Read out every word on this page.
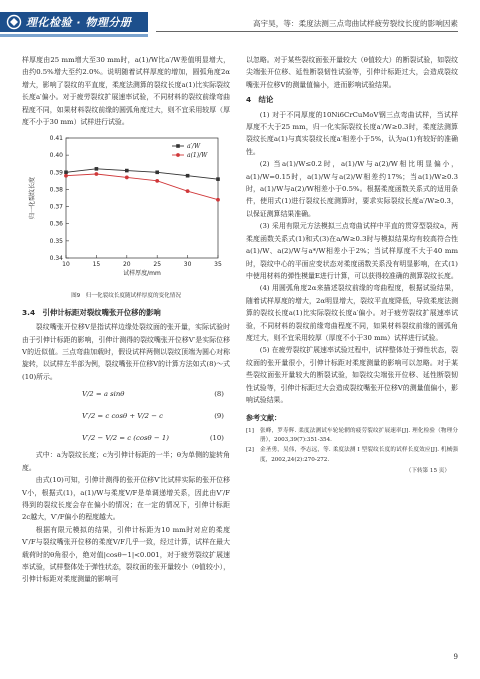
理化检验 · 物理分册	高宇昊，等：柔度法测三点弯曲试样疲劳裂纹长度的影响因素

样厚度由25 mm增大至30 mm时，a(1)/W比a′/W差值明显增大，由约0.5%增大至约2.0%。说明随着试样厚度的增加，圆弧角度2α增大，影响了裂纹的平直度，柔度法测算的裂纹长度a(1)比实际裂纹长度a′偏小。对于疲劳裂纹扩展速率试验，不同材料的裂纹前缘弯曲程度不同，如果材料裂纹前缘的圆弧角度过大，则不宜采用较厚（厚度不小于30 mm）试样进行试验。

0.41
0.40
0.39
0.38
0.37
0.36
0.35
0.34
10	15	20	25	30	35
试样厚度/mm
归一化裂纹长度
a′/W
a(1)/W
图9　归一化裂纹长度随试样厚度的变化情况
3.4　引伸计标距对裂纹嘴张开位移的影响

裂纹嘴张开位移V是指试样边缘处裂纹面的张开量，实际试验时由于引伸计标距的影响，引伸计测得的裂纹嘴张开位移V′是实际位移V的近似值。三点弯曲加载时，假设试样两侧以裂纹顶端为圆心对称旋转，以试样左半部为例，裂纹嘴张开位移V的计算方法如式(8)～式(10)所示。

V/2 = a sinθ	(8)
V′/2 = c cosθ + V/2 − c	(9)
V′/2 − V/2 = c (cosθ − 1)	(10)

式中：a为裂纹长度；c为引伸计标距的一半；θ为单侧的旋转角度。

由式(10)可知，引伸计测得的张开位移V′比试样实际的张开位移V小，根据式(1)，a(1)/W与柔度V/F是单调递增关系，因此由V′/F得到的裂纹长度会存在偏小的情况；在一定的情况下，引伸计标距2c越大，V′/F偏小的程度越大。

根据有限元模拟的结果，引伸计标距为10 mm时对应的柔度V′/F与裂纹嘴张开位移的柔度V/F几乎一致，经过计算，试样在最大载荷时的θ角很小，绝对值|cosθ−1|<0.001，对于疲劳裂纹扩展速率试验，试样整体处于弹性状态，裂纹面的张开量较小（θ值较小），引伸计标距对柔度测量的影响可

以忽略。对于某些裂纹面张开量较大（θ值较大）的断裂试验，如裂纹尖端张开位移、延性断裂韧性试验等，引伸计标距过大，会造成裂纹嘴张开位移V的测量值偏小，进而影响试验结果。

4　结论

(1) 对于不同厚度的10Ni6CrCuMoV钢三点弯曲试样，当试样厚度不大于25 mm，归一化实际裂纹长度a′/W≥0.3时，柔度法测算裂纹长度a(1)与真实裂纹长度a′相差小于5%，认为a(1)有较好的准确性。

(2) 当a(1)/W≤0.2时，a(1)/W与a(2)/W相比明显偏小，a(1)/W=0.15时，a(1)/W与a(2)/W相差约17%；当a(1)/W≥0.3时，a(1)/W与a(2)/W相差小于0.5%。根据柔度函数关系式的适用条件，使用式(1)进行裂纹长度测算时，要求实际裂纹长度a′/W≥0.3，以保证测算结果准确。

(3) 采用有限元方法模拟三点弯曲试样中平直的贯穿型裂纹a，两柔度函数关系式(1)和式(3)在a/W≥0.3时与模拟结果均有较高符合性a(1)/W、a(2)/W与a*/W相差小于2%；当试样厚度不大于40 mm时，裂纹中心的平面应变状态对柔度函数关系没有明显影响，在式(1)中使用材料的弹性模量E进行计算，可以获得较准确的测算裂纹长度。

(4) 用圆弧角度2α来描述裂纹前缘的弯曲程度，根据试验结果，随着试样厚度的增大，2α明显增大，裂纹平直度降低，导致柔度法测算的裂纹长度a(1)比实际裂纹长度a′偏小。对于疲劳裂纹扩展速率试验，不同材料的裂纹前缘弯曲程度不同，如果材料裂纹前缘的圆弧角度过大，则不宜采用较厚（厚度不小于30 mm）试样进行试验。

(5) 在疲劳裂纹扩展速率试验过程中，试样整体处于弹性状态，裂纹面的张开量很小，引伸计标距对柔度测量的影响可以忽略。对于某些裂纹面张开量较大的断裂试验，如裂纹尖端张开位移、延性断裂韧性试验等，引伸计标距过大会造成裂纹嘴张开位移V的测量值偏小，影响试验结果。

参考文献：
[1]	张峰，罗寿辉. 柔度法测试车轮轮辋的疲劳裂纹扩展速率[J]. 理化检验（物理分册），2003,39(7):351-354.
[2]	金圣勇，吴伟，李志远，等. 柔度法测 I 型裂纹长度的试样长度效应[J]. 机械强度，2002,24(2):270-272.
（下转第 15 页）
9
